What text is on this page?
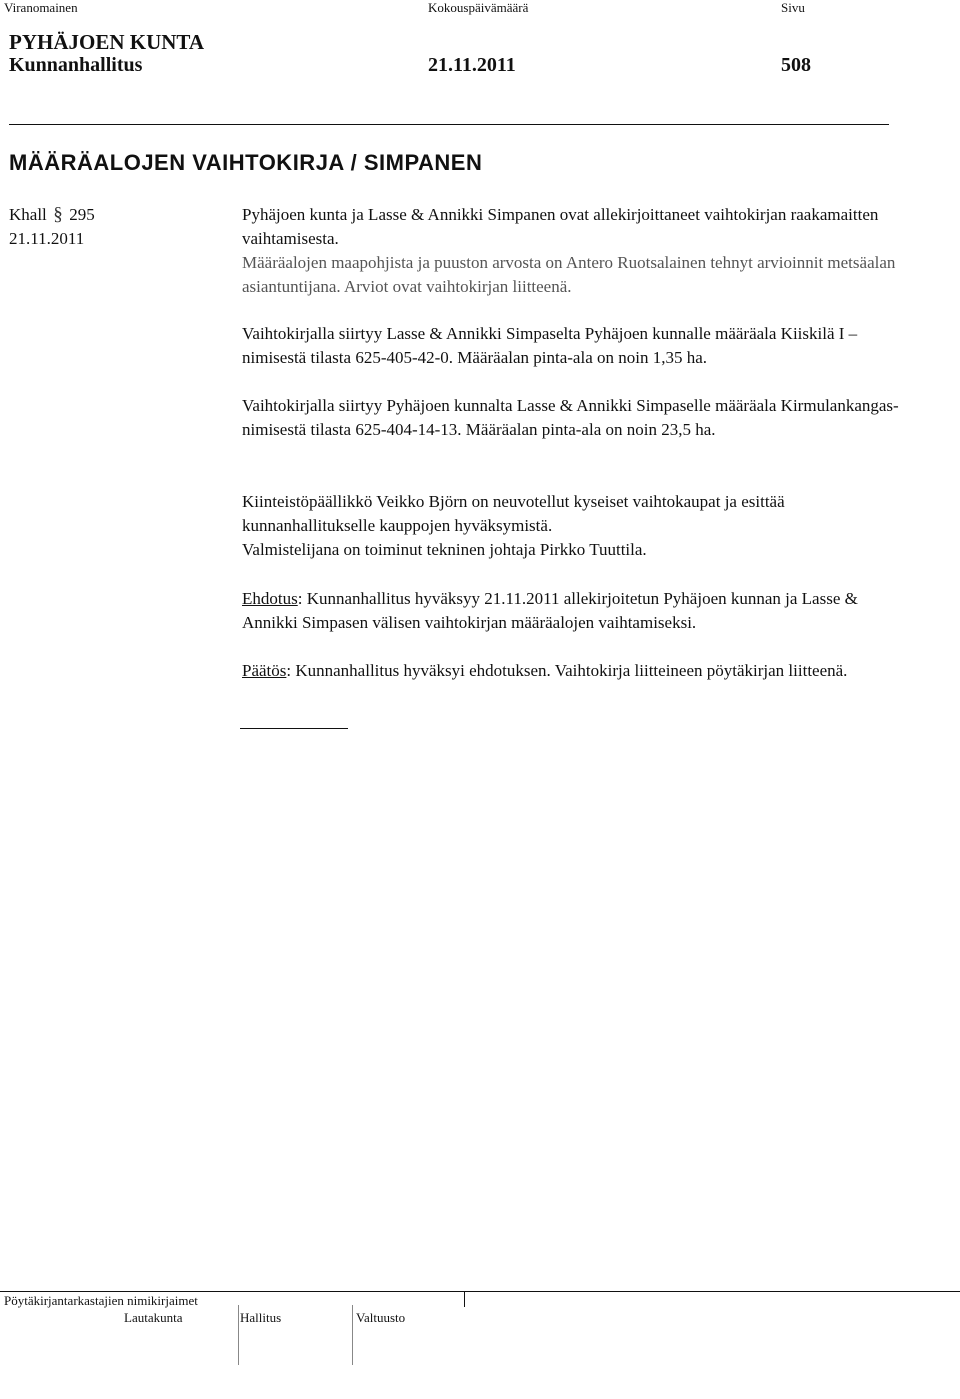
Viranomainen	Kokouspäivämäärä	Sivu
PYHÄJOEN KUNTA
Kunnanhallitus	21.11.2011	508
MÄÄRÄALOJEN VAIHTOKIRJA / SIMPANEN
Khall § 295
21.11.2011
Pyhäjoen kunta ja Lasse & Annikki Simpanen ovat allekirjoittaneet vaihtokirjan raakamaitten vaihtamisesta.
Määräalojen maapohjista ja puuston arvosta on Antero Ruotsalainen tehnyt arvioinnit metsäalan asiantuntijana. Arviot ovat vaihtokirjan liitteenä.
Vaihtokirjalla siirtyy Lasse & Annikki Simpaselta Pyhäjoen kunnalle määräala Kiiskilä I –nimisestä tilasta 625-405-42-0. Määräalan pinta-ala on noin 1,35 ha.
Vaihtokirjalla siirtyy Pyhäjoen kunnalta Lasse & Annikki Simpaselle määräala Kirmulankangas-nimisestä tilasta 625-404-14-13. Määräalan pinta-ala on noin 23,5 ha.
Kiinteistöpäällikkö Veikko Björn on neuvotellut kyseiset vaihtokaupat ja esittää kunnanhallitukselle kauppojen hyväksymistä.
Valmistelijana on toiminut tekninen johtaja Pirkko Tuuttila.
Ehdotus: Kunnanhallitus hyväksyy 21.11.2011 allekirjoitetun Pyhäjoen kunnan ja Lasse & Annikki Simpasen välisen vaihtokirjan määräalojen vaihtamiseksi.
Päätös: Kunnanhallitus hyväksyi ehdotuksen. Vaihtokirja liitteineen pöytäkirjan liitteenä.
Pöytäkirjantarkastajien nimikirjaimet
Lautakunta	Hallitus	Valtuusto
